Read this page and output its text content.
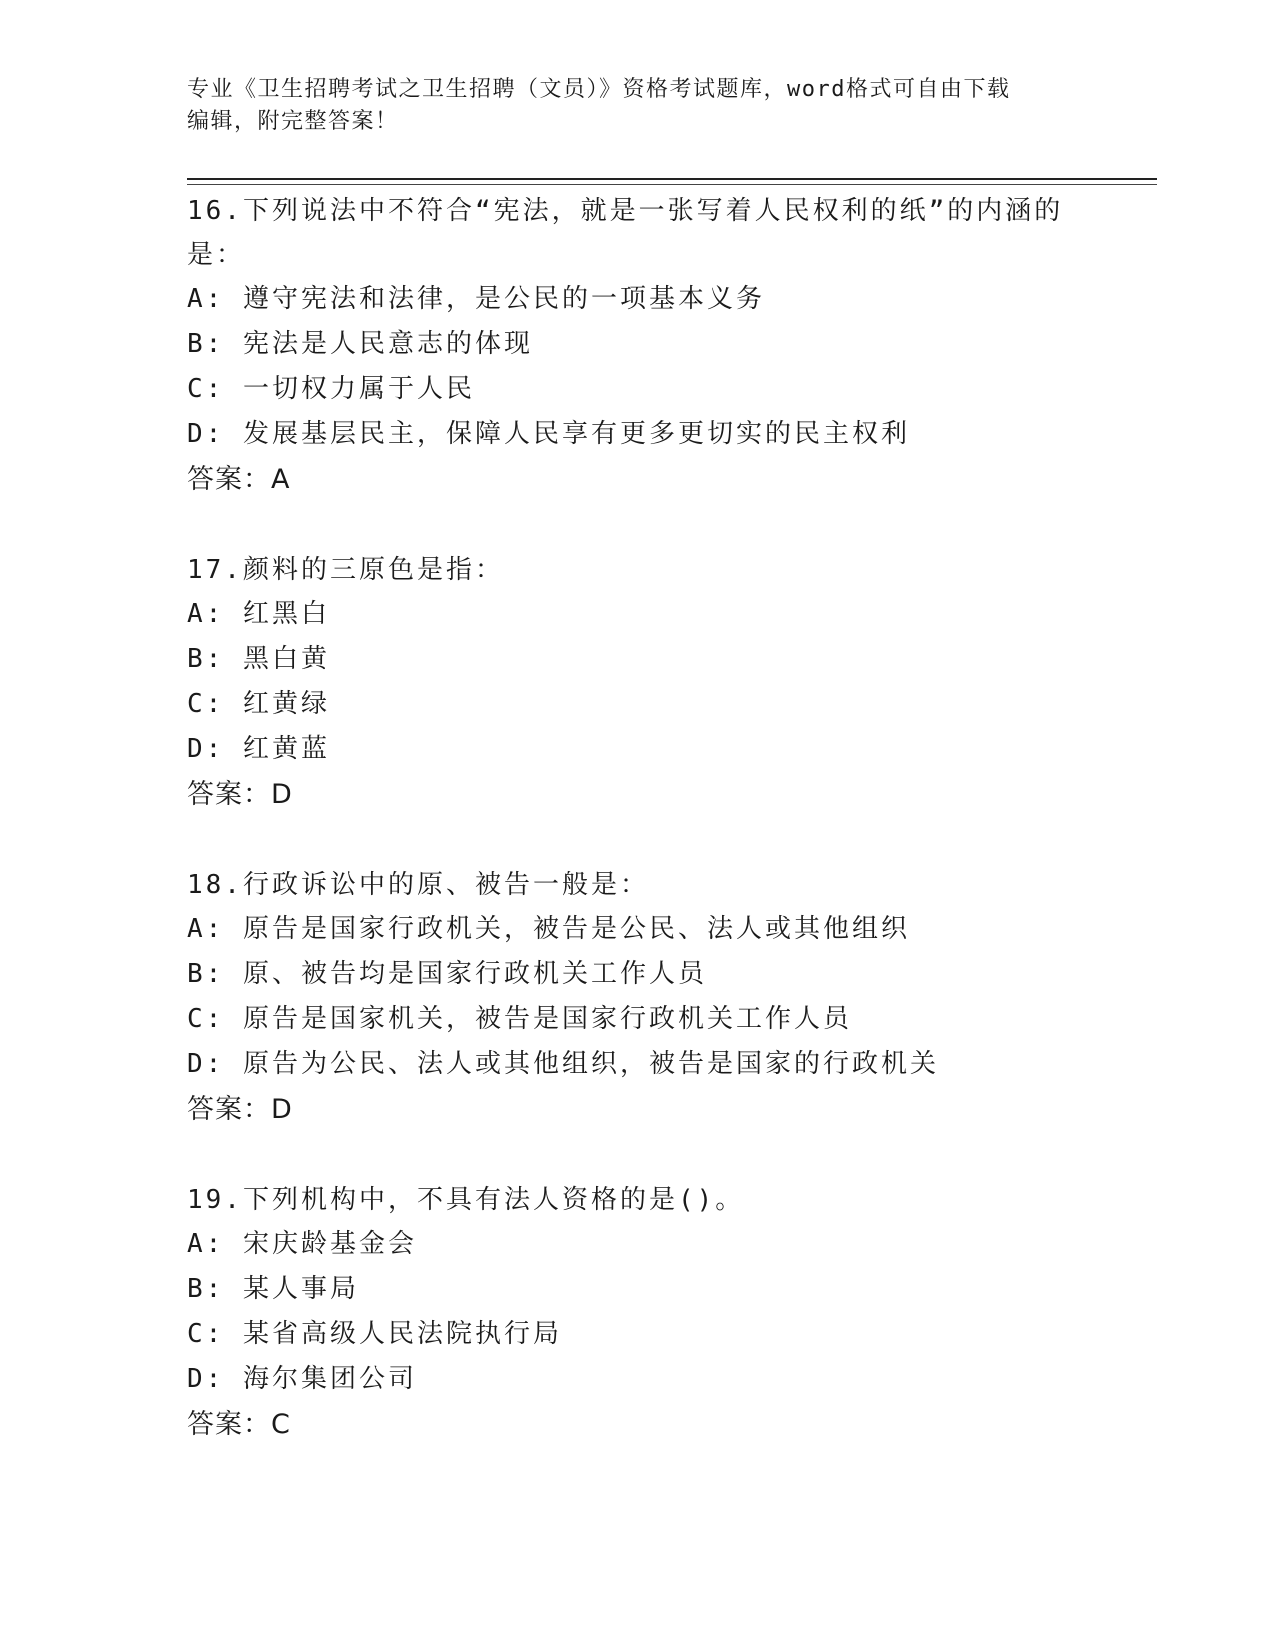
专业《卫生招聘考试之卫生招聘（文员）》资格考试题库，word格式可自由下载
编辑，附完整答案！

16.下列说法中不符合“宪法，就是一张写着人民权利的纸”的内涵的

是：

A: 遵守宪法和法律，是公民的一项基本义务

B: 宪法是人民意志的体现

C: 一切权力属于人民

D: 发展基层民主，保障人民享有更多更切实的民主权利

答案：A

17.颜料的三原色是指：

A: 红黑白

B: 黑白黄

C: 红黄绿

D: 红黄蓝

答案：D

18.行政诉讼中的原、被告一般是：

A: 原告是国家行政机关，被告是公民、法人或其他组织

B: 原、被告均是国家行政机关工作人员

C: 原告是国家机关，被告是国家行政机关工作人员

D: 原告为公民、法人或其他组织，被告是国家的行政机关

答案：D

19.下列机构中，不具有法人资格的是()。

A: 宋庆龄基金会

B: 某人事局

C: 某省高级人民法院执行局

D: 海尔集团公司

答案：C
